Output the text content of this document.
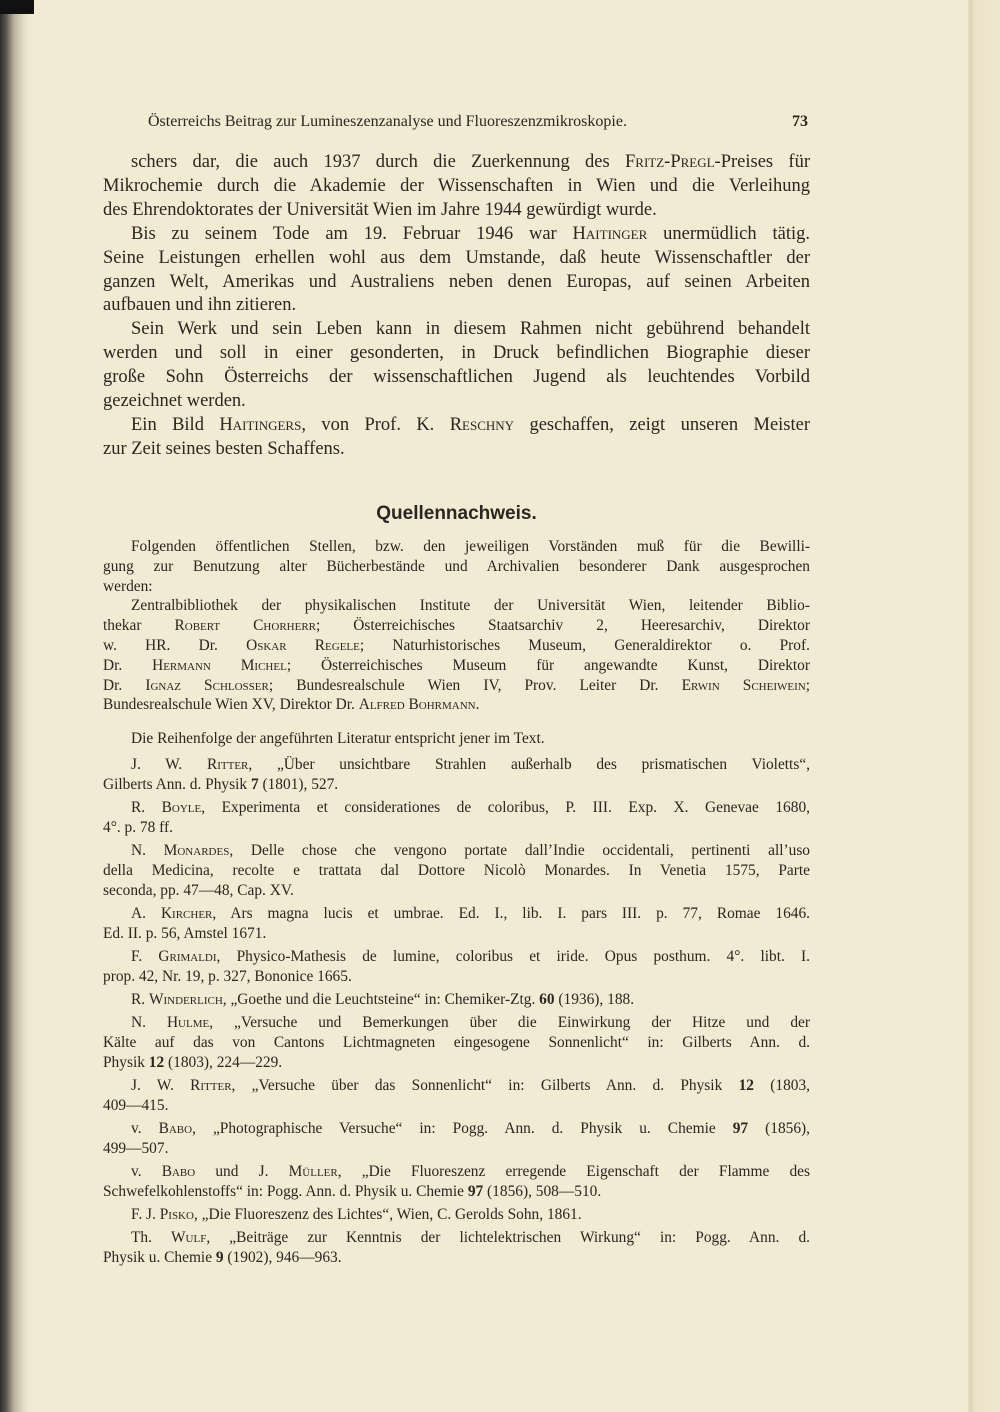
Österreichs Beitrag zur Lumineszenzanalyse und Fluoreszenzmikroskopie.	73
schers dar, die auch 1937 durch die Zuerkennung des Fritz-Pregl-Preises für
Mikrochemie durch die Akademie der Wissenschaften in Wien und die Verleihung
des Ehrendoktorates der Universität Wien im Jahre 1944 gewürdigt wurde.
Bis zu seinem Tode am 19. Februar 1946 war Haitinger unermüdlich tätig.
Seine Leistungen erhellen wohl aus dem Umstande, daß heute Wissenschaftler der
ganzen Welt, Amerikas und Australiens neben denen Europas, auf seinen Arbeiten
aufbauen und ihn zitieren.
Sein Werk und sein Leben kann in diesem Rahmen nicht gebührend behandelt
werden und soll in einer gesonderten, in Druck befindlichen Biographie dieser
große Sohn Österreichs der wissenschaftlichen Jugend als leuchtendes Vorbild
gezeichnet werden.
Ein Bild Haitingers, von Prof. K. Reschny geschaffen, zeigt unseren Meister
zur Zeit seines besten Schaffens.
Quellennachweis.
Folgenden öffentlichen Stellen, bzw. den jeweiligen Vorständen muß für die Bewilli-
gung zur Benutzung alter Bücherbestände und Archivalien besonderer Dank ausgesprochen
werden:
Zentralbibliothek der physikalischen Institute der Universität Wien, leitender Biblio-
thekar Robert Chorherr; Österreichisches Staatsarchiv 2, Heeresarchiv, Direktor
w. HR. Dr. Oskar Regele; Naturhistorisches Museum, Generaldirektor o. Prof.
Dr. Hermann Michel; Österreichisches Museum für angewandte Kunst, Direktor
Dr. Ignaz Schlosser; Bundesrealschule Wien IV, Prov. Leiter Dr. Erwin Scheiwein;
Bundesrealschule Wien XV, Direktor Dr. Alfred Bohrmann.
Die Reihenfolge der angeführten Literatur entspricht jener im Text.
J. W. Ritter, „Über unsichtbare Strahlen außerhalb des prismatischen Violetts“,
Gilberts Ann. d. Physik 7 (1801), 527.
R. Boyle, Experimenta et considerationes de coloribus, P. III. Exp. X. Genevae 1680,
4°. p. 78 ff.
N. Monardes, Delle chose che vengono portate dall’Indie occidentali, pertinenti all’uso
della Medicina, recolte e trattata dal Dottore Nicolò Monardes. In Venetia 1575, Parte
seconda, pp. 47—48, Cap. XV.
A. Kircher, Ars magna lucis et umbrae. Ed. I., lib. I. pars III. p. 77, Romae 1646.
Ed. II. p. 56, Amstel 1671.
F. Grimaldi, Physico-Mathesis de lumine, coloribus et iride. Opus posthum. 4°. libt. I.
prop. 42, Nr. 19, p. 327, Bononice 1665.
R. Winderlich, „Goethe und die Leuchtsteine“ in: Chemiker-Ztg. 60 (1936), 188.
N. Hulme, „Versuche und Bemerkungen über die Einwirkung der Hitze und der
Kälte auf das von Cantons Lichtmagneten eingesogene Sonnenlicht“ in: Gilberts Ann. d.
Physik 12 (1803), 224—229.
J. W. Ritter, „Versuche über das Sonnenlicht“ in: Gilberts Ann. d. Physik 12 (1803,
409—415.
v. Babo, „Photographische Versuche“ in: Pogg. Ann. d. Physik u. Chemie 97 (1856),
499—507.
v. Babo und J. Müller, „Die Fluoreszenz erregende Eigenschaft der Flamme des
Schwefelkohlenstoffs“ in: Pogg. Ann. d. Physik u. Chemie 97 (1856), 508—510.
F. J. Pisko, „Die Fluoreszenz des Lichtes“, Wien, C. Gerolds Sohn, 1861.
Th. Wulf, „Beiträge zur Kenntnis der lichtelektrischen Wirkung“ in: Pogg. Ann. d.
Physik u. Chemie 9 (1902), 946—963.
